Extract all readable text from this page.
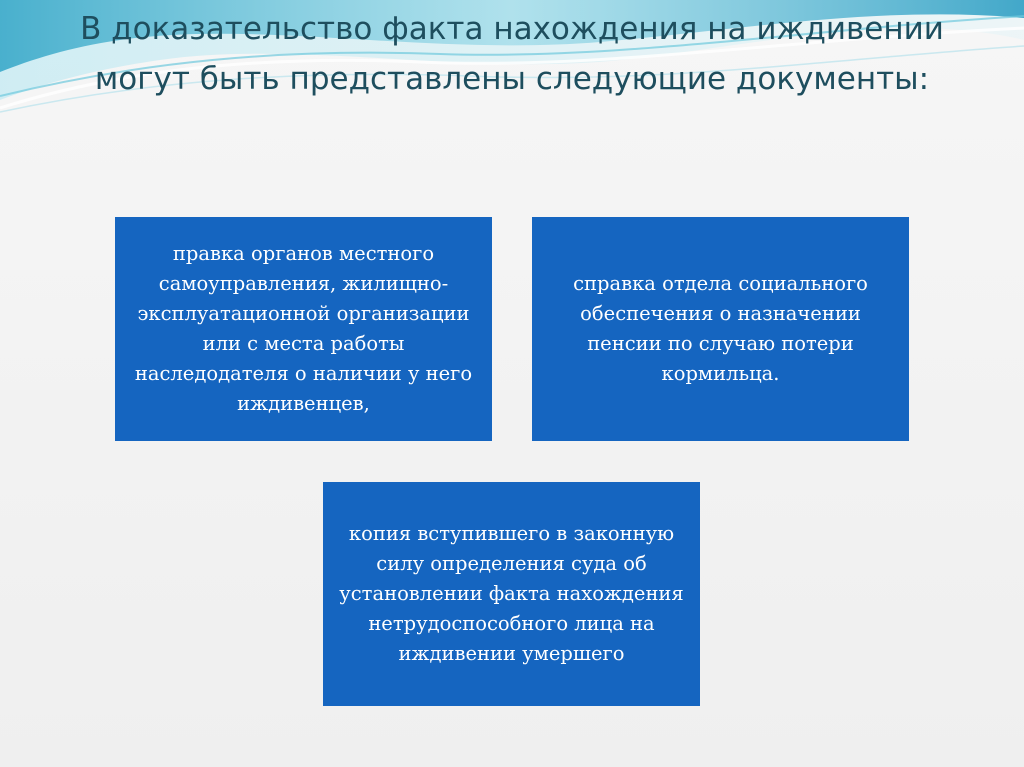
В доказательство факта нахождения на иждивении могут быть представлены следующие документы:
правка органов местного самоуправления, жилищно-эксплуатационной организации или с места работы наследодателя о наличии у него иждивенцев,
справка отдела социального обеспечения о назначении пенсии по случаю потери кормильца.
копия вступившего в законную силу определения суда об установлении факта нахождения нетрудоспособного лица на иждивении умершего
